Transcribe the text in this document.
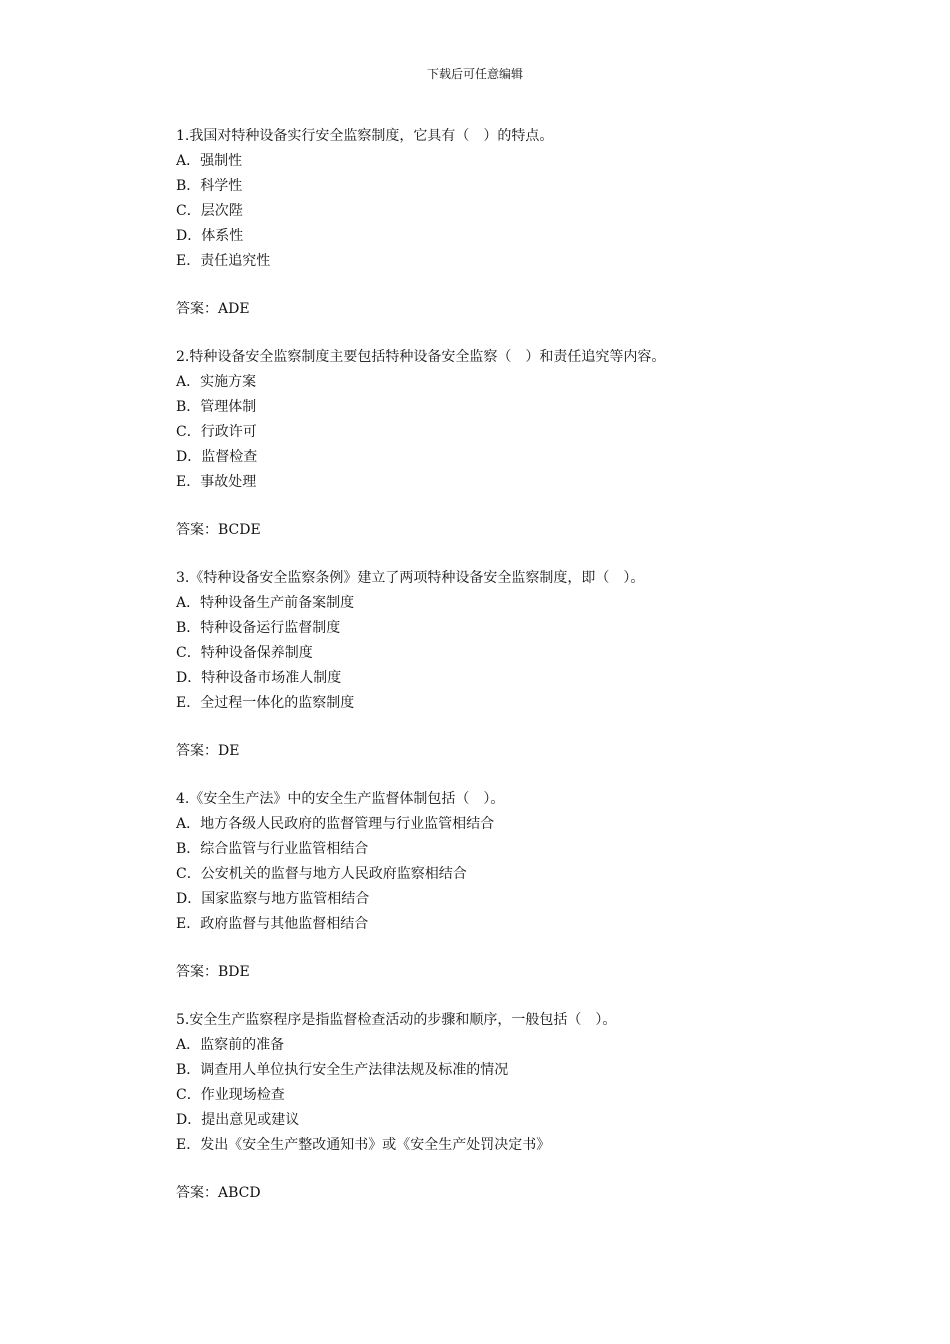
下载后可任意编辑
1.我国对特种设备实行安全监察制度，它具有（　）的特点。
A．强制性
B．科学性
C．层次陛
D．体系性
E．责任追究性
答案：ADE
2.特种设备安全监察制度主要包括特种设备安全监察（　）和责任追究等内容。
A．实施方案
B．管理体制
C．行政许可
D．监督检查
E．事故处理
答案：BCDE
3.《特种设备安全监察条例》建立了两项特种设备安全监察制度，即（　）。
A．特种设备生产前备案制度
B．特种设备运行监督制度
C．特种设备保养制度
D．特种设备市场准人制度
E．全过程一体化的监察制度
答案：DE
4.《安全生产法》中的安全生产监督体制包括（　）。
A．地方各级人民政府的监督管理与行业监管相结合
B．综合监管与行业监管相结合
C．公安机关的监督与地方人民政府监察相结合
D．国家监察与地方监管相结合
E．政府监督与其他监督相结合
答案：BDE
5.安全生产监察程序是指监督检查活动的步骤和顺序，一般包括（　）。
A．监察前的准备
B．调查用人单位执行安全生产法律法规及标准的情况
C．作业现场检查
D．提出意见或建议
E．发出《安全生产整改通知书》或《安全生产处罚决定书》
答案：ABCD
